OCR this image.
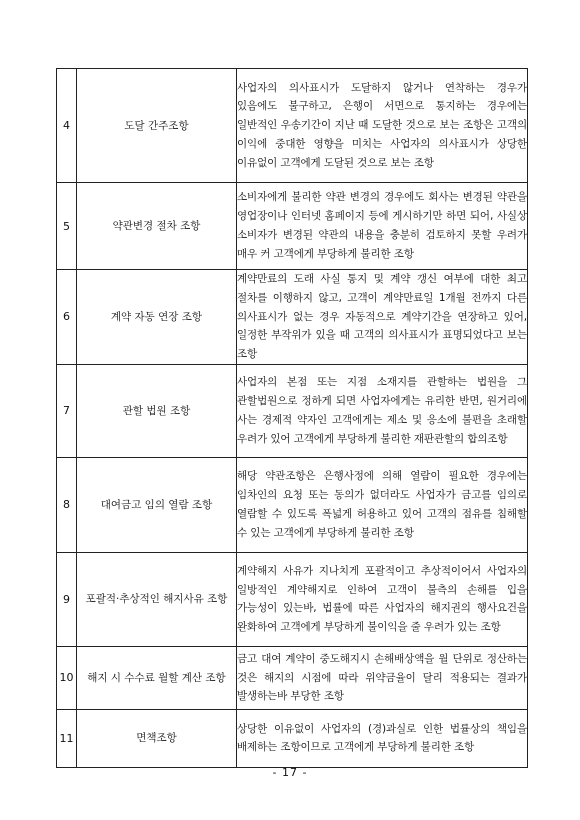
4	도달 간주조항	사업자의 의사표시가 도달하지 않거나 연착하는 경우가 있음에도 불구하고, 은행이 서면으로 통지하는 경우에는 일반적인 우송기간이 지난 때 도달한 것으로 보는 조항은 고객의 이익에 중대한 영향을 미치는 사업자의 의사표시가 상당한 이유없이 고객에게 도달된 것으로 보는 조항
5	약관변경 절차 조항	소비자에게 불리한 약관 변경의 경우에도 회사는 변경된 약관을 영업장이나 인터넷 홈페이지 등에 게시하기만 하면 되어, 사실상 소비자가 변경된 약관의 내용을 충분히 검토하지 못할 우려가 매우 커 고객에게 부당하게 불리한 조항
6	계약 자동 연장 조항	계약만료의 도래 사실 통지 및 계약 갱신 여부에 대한 최고 절차를 이행하지 않고, 고객이 계약만료일 1개월 전까지 다른 의사표시가 없는 경우 자동적으로 계약기간을 연장하고 있어, 일정한 부작위가 있을 때 고객의 의사표시가 표명되었다고 보는 조항
7	관할 법원 조항	사업자의 본점 또는 지점 소재지를 관할하는 법원을 그 관할법원으로 정하게 되면 사업자에게는 유리한 반면, 원거리에 사는 경제적 약자인 고객에게는 제소 및 응소에 불편을 초래할 우려가 있어 고객에게 부당하게 불리한 재판관할의 합의조항
8	대여금고 임의 열람 조항	해당 약관조항은 은행사정에 의해 열람이 필요한 경우에는 임차인의 요청 또는 동의가 없더라도 사업자가 금고를 임의로 열람할 수 있도록 폭넓게 허용하고 있어 고객의 점유를 침해할 수 있는 고객에게 부당하게 불리한 조항
9	포괄적·추상적인 해지사유 조항	계약해지 사유가 지나치게 포괄적이고 추상적이어서 사업자의 일방적인 계약해지로 인하여 고객이 불측의 손해를 입을 가능성이 있는바, 법률에 따른 사업자의 해지권의 행사요건을 완화하여 고객에게 부당하게 불이익을 줄 우려가 있는 조항
10	해지 시 수수료 월할 계산 조항	금고 대여 계약이 중도해지시 손해배상액을 월 단위로 정산하는 것은 해지의 시점에 따라 위약금율이 달리 적용되는 결과가 발생하는바 부당한 조항
11	면책조항	상당한 이유없이 사업자의 (경)과실로 인한 법률상의 책임을 배제하는 조항이므로 고객에게 부당하게 불리한 조항
- 17 -
